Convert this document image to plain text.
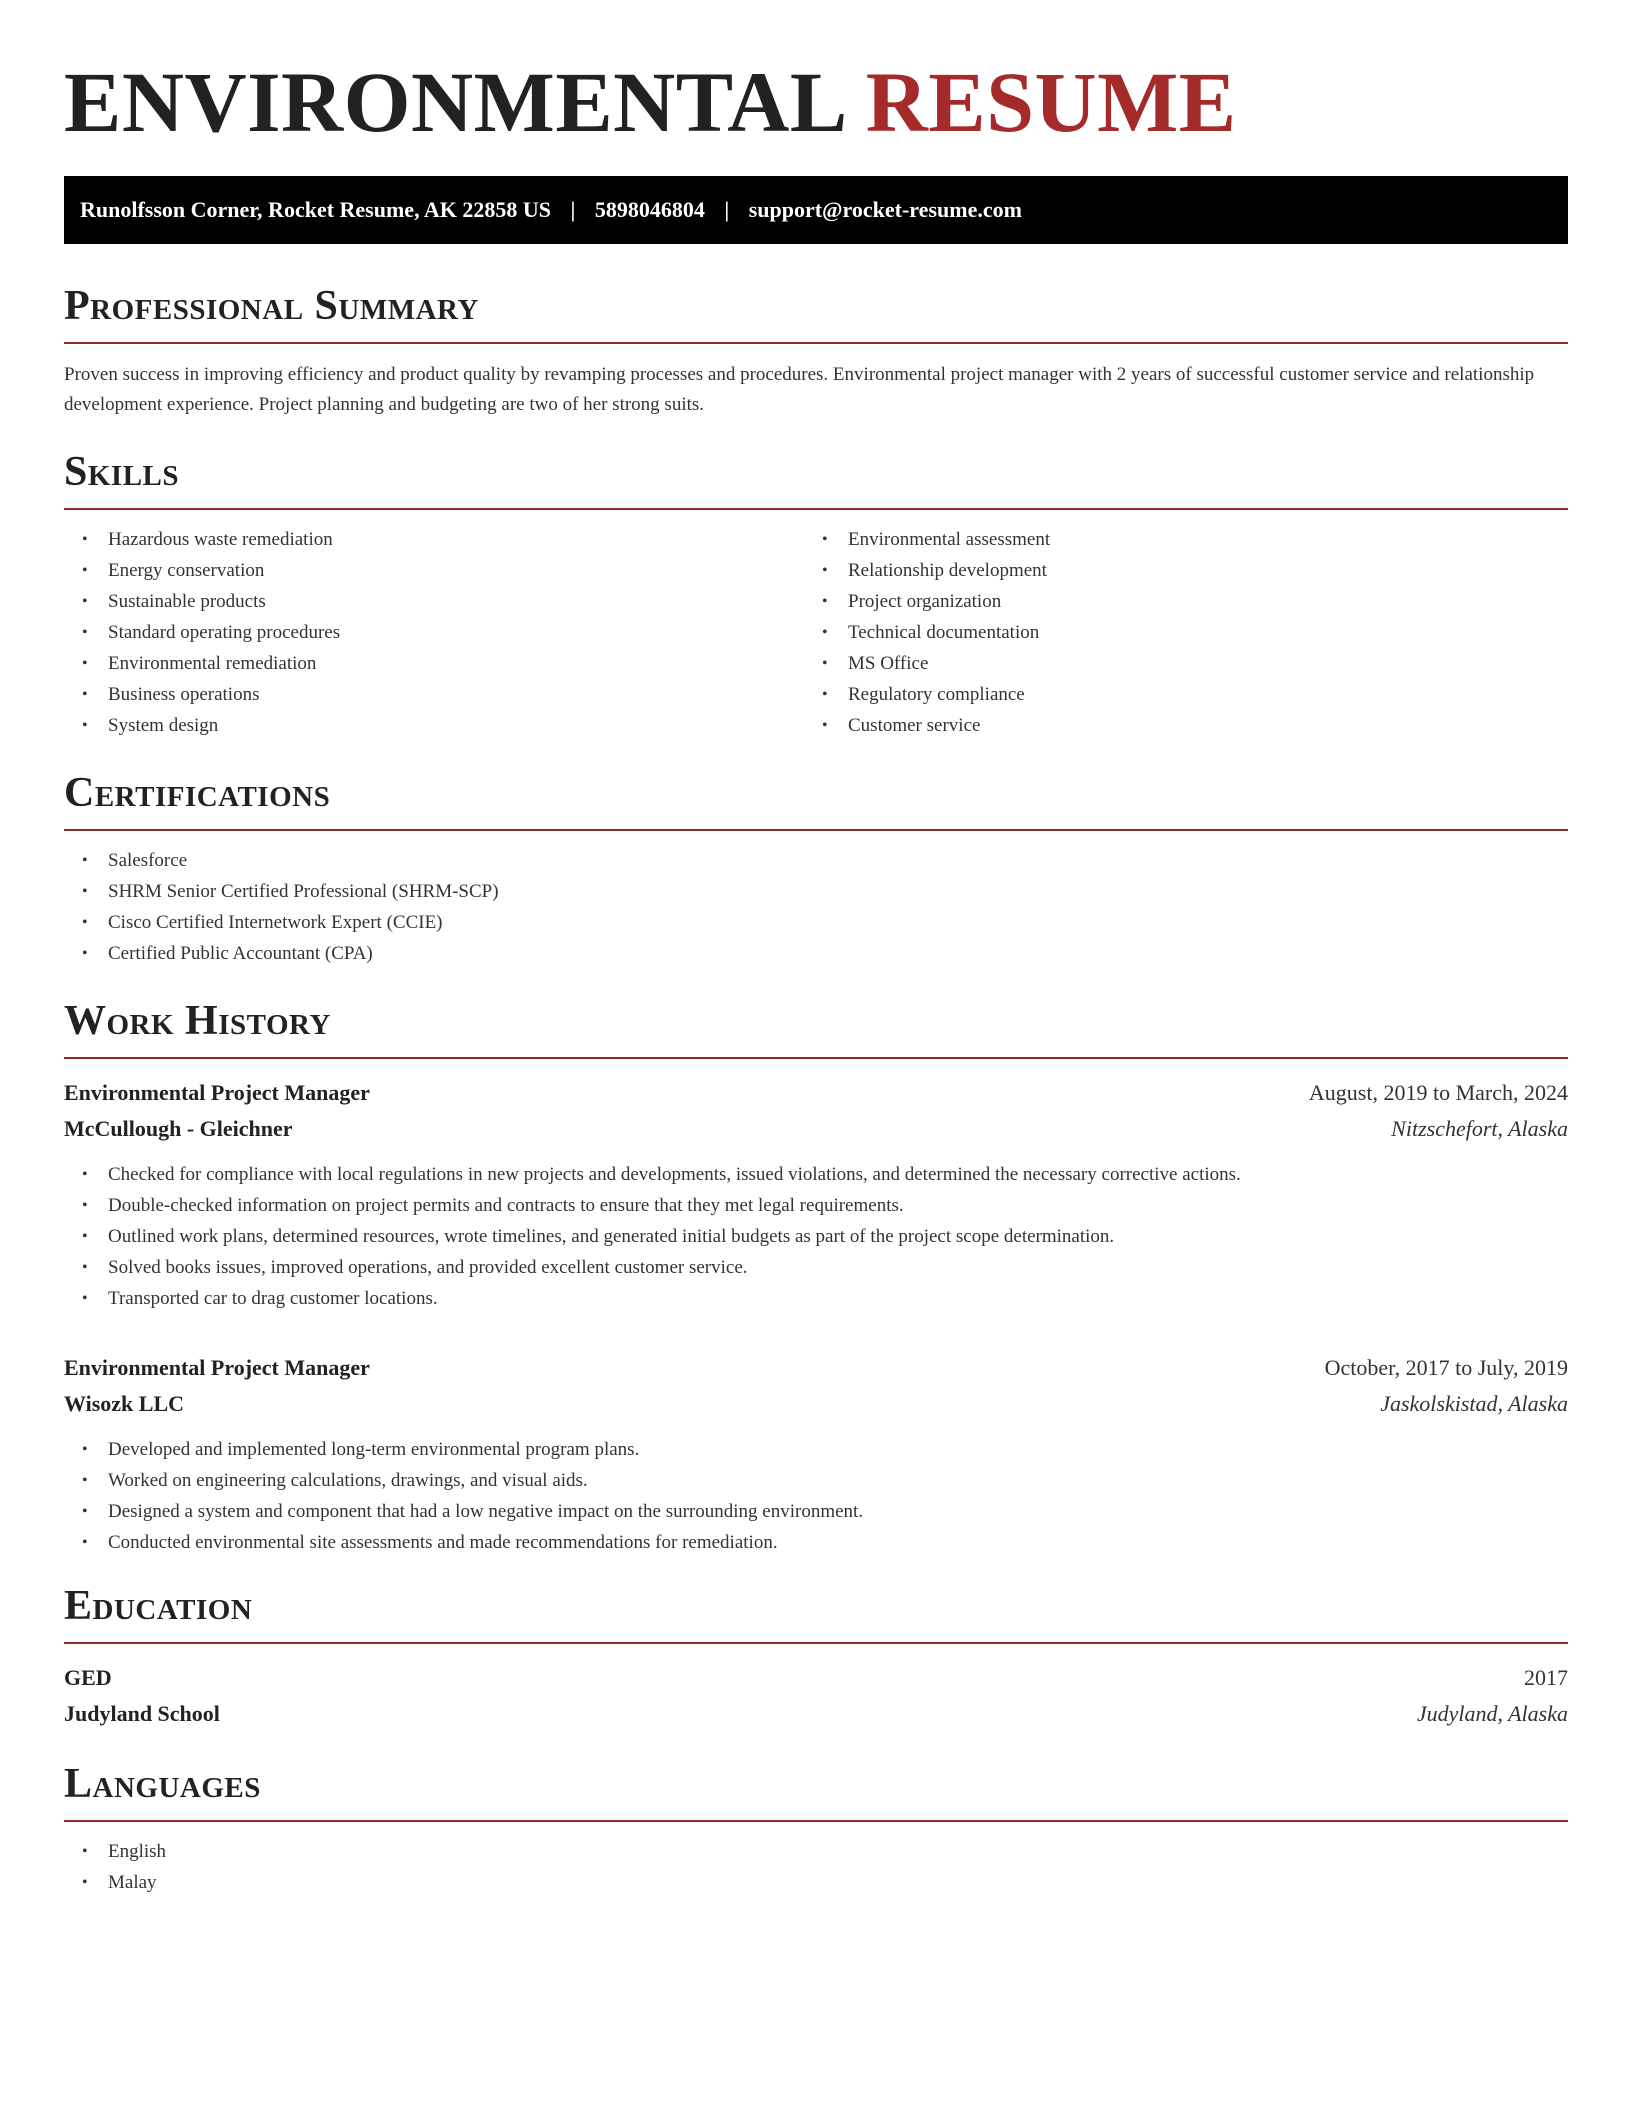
ENVIRONMENTAL RESUME
Runolfsson Corner, Rocket Resume, AK 22858 US | 5898046804 | support@rocket-resume.com
Professional Summary

Proven success in improving efficiency and product quality by revamping processes and procedures. Environmental project manager with 2 years of successful customer service and relationship development experience. Project planning and budgeting are two of her strong suits.

Skills
• Hazardous waste remediation
• Energy conservation
• Sustainable products
• Standard operating procedures
• Environmental remediation
• Business operations
• System design
• Environmental assessment
• Relationship development
• Project organization
• Technical documentation
• MS Office
• Regulatory compliance
• Customer service
Certifications
• Salesforce
• SHRM Senior Certified Professional (SHRM-SCP)
• Cisco Certified Internetwork Expert (CCIE)
• Certified Public Accountant (CPA)
Work History
Environmental Project Manager	August, 2019 to March, 2024
McCullough - Gleichner	Nitzschefort, Alaska
• Checked for compliance with local regulations in new projects and developments, issued violations, and determined the necessary corrective actions.
• Double-checked information on project permits and contracts to ensure that they met legal requirements.
• Outlined work plans, determined resources, wrote timelines, and generated initial budgets as part of the project scope determination.
• Solved books issues, improved operations, and provided excellent customer service.
• Transported car to drag customer locations.
Environmental Project Manager	October, 2017 to July, 2019
Wisozk LLC	Jaskolskistad, Alaska
• Developed and implemented long-term environmental program plans.
• Worked on engineering calculations, drawings, and visual aids.
• Designed a system and component that had a low negative impact on the surrounding environment.
• Conducted environmental site assessments and made recommendations for remediation.
Education
GED	2017
Judyland School	Judyland, Alaska
Languages
• English
• Malay
